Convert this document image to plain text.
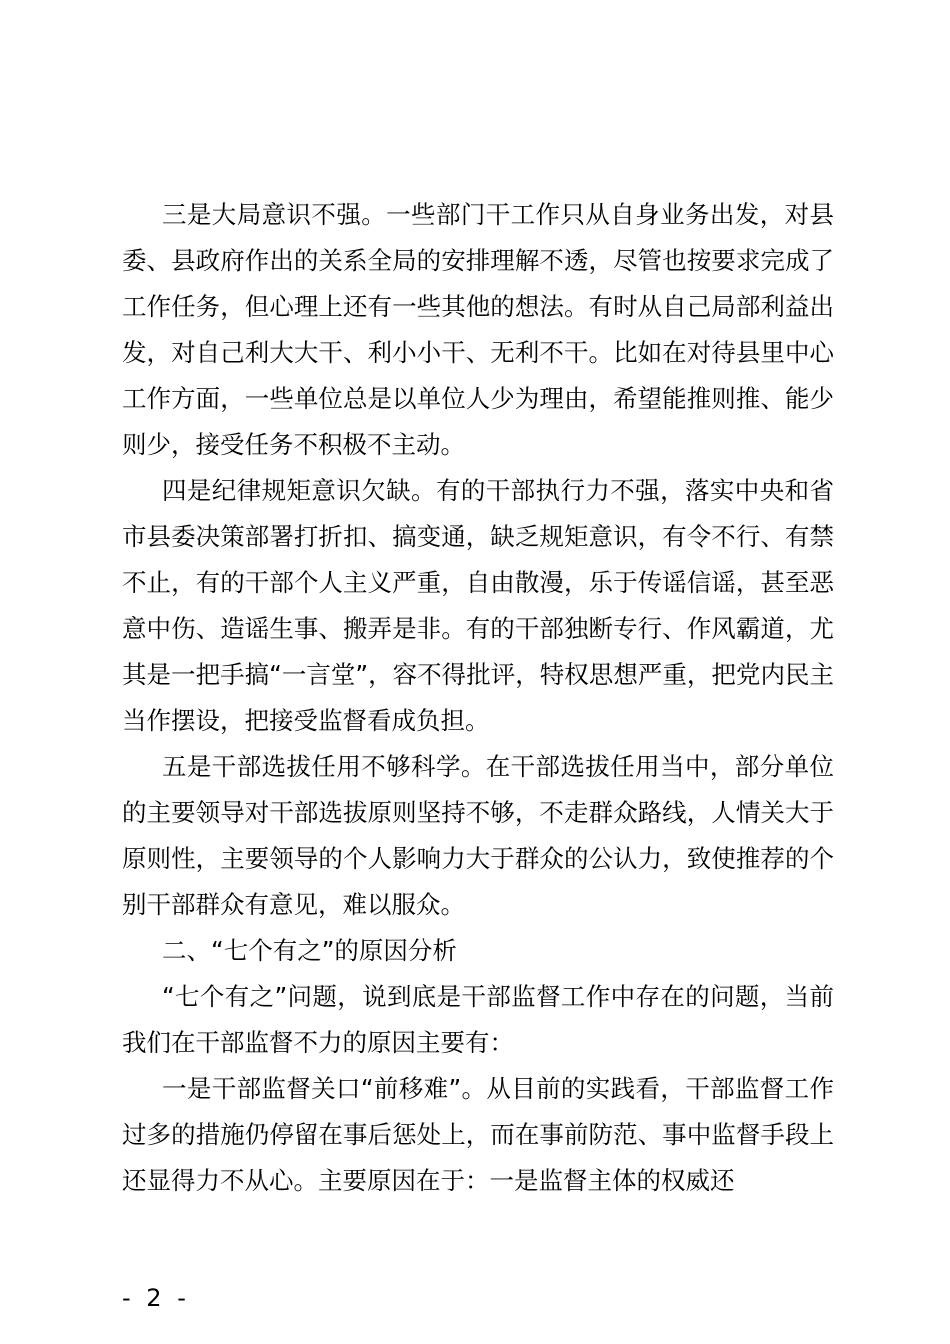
三是大局意识不强。一些部门干工作只从自身业务出发，对县委、县政府作出的关系全局的安排理解不透，尽管也按要求完成了工作任务，但心理上还有一些其他的想法。有时从自己局部利益出发，对自己利大大干、利小小干、无利不干。比如在对待县里中心工作方面，一些单位总是以单位人少为理由，希望能推则推、能少则少，接受任务不积极不主动。

四是纪律规矩意识欠缺。有的干部执行力不强，落实中央和省市县委决策部署打折扣、搞变通，缺乏规矩意识，有令不行、有禁不止，有的干部个人主义严重，自由散漫，乐于传谣信谣，甚至恶意中伤、造谣生事、搬弄是非。有的干部独断专行、作风霸道，尤其是一把手搞“一言堂”，容不得批评，特权思想严重，把党内民主当作摆设，把接受监督看成负担。

五是干部选拔任用不够科学。在干部选拔任用当中，部分单位的主要领导对干部选拔原则坚持不够，不走群众路线，人情关大于原则性，主要领导的个人影响力大于群众的公认力，致使推荐的个别干部群众有意见，难以服众。

二、“七个有之”的原因分析

“七个有之”问题，说到底是干部监督工作中存在的问题，当前我们在干部监督不力的原因主要有：

一是干部监督关口“前移难”。从目前的实践看，干部监督工作过多的措施仍停留在事后惩处上，而在事前防范、事中监督手段上还显得力不从心。主要原因在于：一是监督主体的权威还

- 2 -
